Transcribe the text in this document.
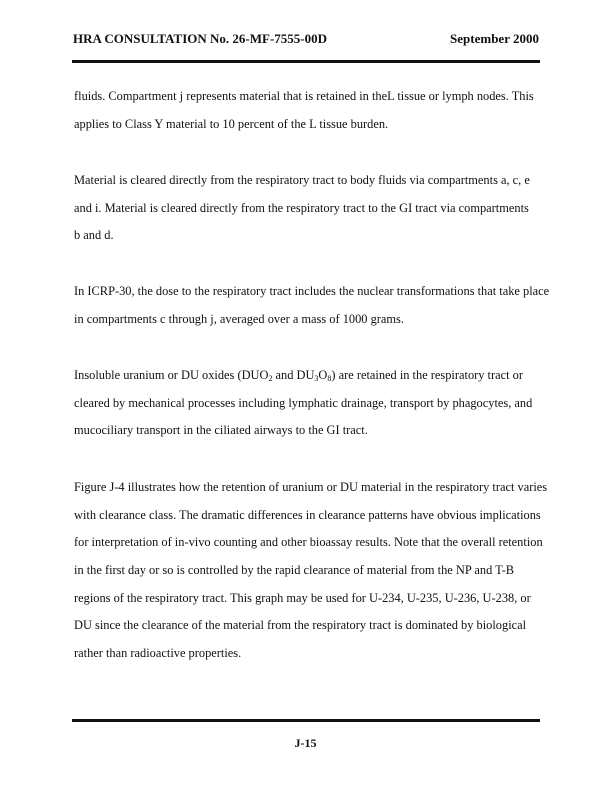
HRA CONSULTATION No. 26-MF-7555-00D	September 2000
fluids. Compartment j represents material that is retained in theL tissue or lymph nodes. This
applies to Class Y material to 10 percent of the L tissue burden.
Material is cleared directly from the respiratory tract to body fluids via compartments a, c, e
and i. Material is cleared directly from the respiratory tract to the GI tract via compartments
b and d.
In ICRP-30, the dose to the respiratory tract includes the nuclear transformations that take place
in compartments c through j, averaged over a mass of 1000 grams.
Insoluble uranium or DU oxides ($DUO_2$ and $DU_3O_8$) are retained in the respiratory tract or
cleared by mechanical processes including lymphatic drainage, transport by phagocytes, and
mucociliary transport in the ciliated airways to the GI tract.
Figure J-4 illustrates how the retention of uranium or DU material in the respiratory tract varies
with clearance class. The dramatic differences in clearance patterns have obvious implications
for interpretation of in-vivo counting and other bioassay results. Note that the overall retention
in the first day or so is controlled by the rapid clearance of material from the NP and T-B
regions of the respiratory tract. This graph may be used for U-234, U-235, U-236, U-238, or
DU since the clearance of the material from the respiratory tract is dominated by biological
rather than radioactive properties.
J-15
